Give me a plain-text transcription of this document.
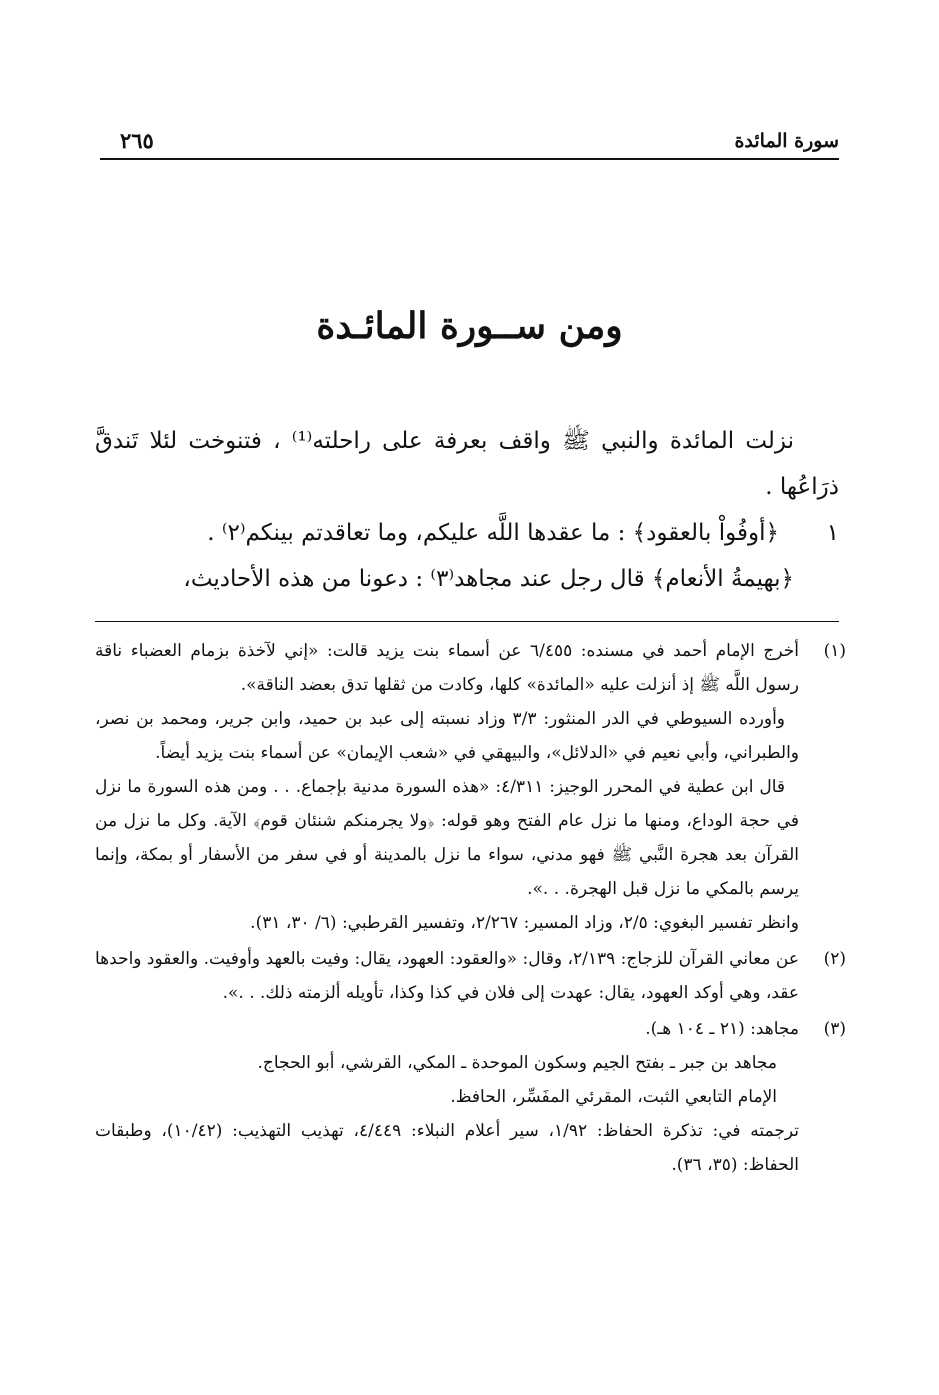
سورة المائدة
٢٦٥
ومن ســورة المائـدة

نزلت المائدة والنبي ﷺ واقف بعرفة على راحلته⁽¹⁾ ، فتنوخت لئلا تَندقَّ ذرَاعُها .

١
﴿أوفُواْ بالعقود﴾ : ما عقدها اللَّه عليكم، وما تعاقدتم بينكم⁽٢⁾ .

﴿بهيمةُ الأنعام﴾ قال رجل عند مجاهد⁽٣⁾ : دعونا من هذه الأحاديث،

(١)

أخرج الإمام أحمد في مسنده: ٦/٤٥٥ عن أسماء بنت يزيد قالت: «إني لآخذة بزمام العضباء ناقة رسول اللَّه ﷺ إذ أنزلت عليه «المائدة» كلها، وكادت من ثقلها تدق بعضد الناقة».

وأورده السيوطي في الدر المنثور: ٣/٣ وزاد نسبته إلى عبد بن حميد، وابن جرير، ومحمد بن نصر، والطبراني، وأبي نعيم في «الدلائل»، والبيهقي في «شعب الإيمان» عن أسماء بنت يزيد أيضاً.

قال ابن عطية في المحرر الوجيز: ٤/٣١١: «هذه السورة مدنية بإجماع. . . ومن هذه السورة ما نزل في حجة الوداع، ومنها ما نزل عام الفتح وهو قوله: ﴿ولا يجرمنكم شنئان قوم﴾ الآية. وكل ما نزل من القرآن بعد هجرة النَّبي ﷺ فهو مدني، سواء ما نزل بالمدينة أو في سفر من الأسفار أو بمكة، وإنما يرسم بالمكي ما نزل قبل الهجرة. . .».

وانظر تفسير البغوي: ٢/٥، وزاد المسير: ٢/٢٦٧، وتفسير القرطبي: (٦/ ٣٠، ٣١).

(٢)

عن معاني القرآن للزجاج: ٢/١٣٩، وقال: «والعقود: العهود، يقال: وفيت بالعهد وأوفيت. والعقود واحدها عقد، وهي أوكد العهود، يقال: عهدت إلى فلان في كذا وكذا، تأويله ألزمته ذلك. . .».

(٣)

مجاهد: (٢١ ـ ١٠٤ هـ).

مجاهد بن جبر ـ بفتح الجيم وسكون الموحدة ـ المكي، القرشي، أبو الحجاج.

الإمام التابعي الثبت، المقرئي المفَسِّر، الحافظ.

ترجمته في: تذكرة الحفاظ: ١/٩٢، سير أعلام النبلاء: ٤/٤٤٩، تهذيب التهذيب: (١٠/٤٢)، وطبقات الحفاظ: (٣٥، ٣٦).
